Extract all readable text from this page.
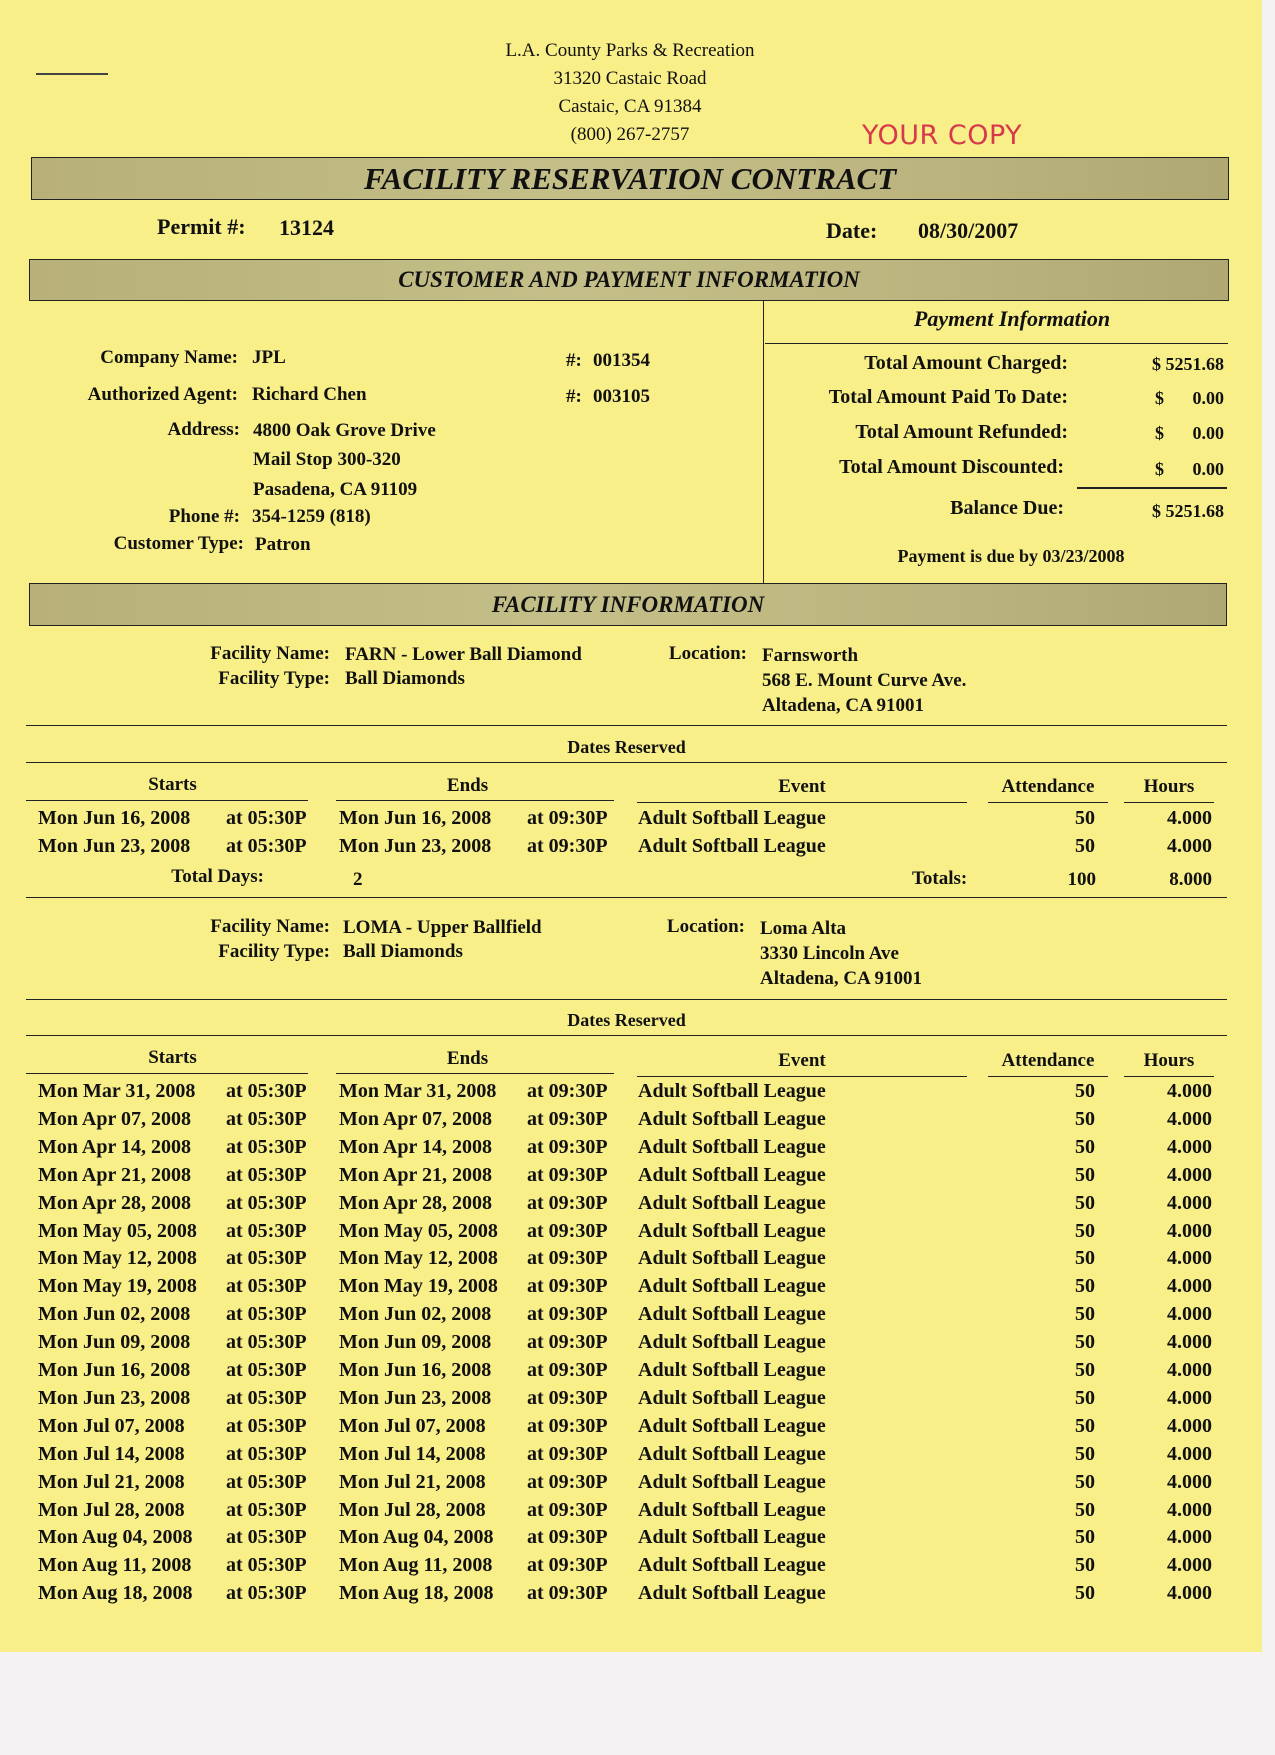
L.A. County Parks & Recreation
31320 Castaic Road
Castaic, CA 91384
(800) 267-2757	YOUR COPY
FACILITY RESERVATION CONTRACT
Permit #: 13124	Date: 08/30/2007
CUSTOMER AND PAYMENT INFORMATION
Company Name: JPL	#: 001354
Authorized Agent: Richard Chen	#: 003105
Address: 4800 Oak Grove Drive
Mail Stop 300-320
Pasadena, CA 91109
Phone #: 354-1259 (818)
Customer Type: Patron
Payment Information
Total Amount Charged:	$ 5251.68
Total Amount Paid To Date:	$	0.00
Total Amount Refunded:	$	0.00
Total Amount Discounted:	$	0.00
Balance Due:	$ 5251.68
Payment is due by 03/23/2008
FACILITY INFORMATION
Facility Name: FARN - Lower Ball Diamond
Facility Type: Ball Diamonds
Location: Farnsworth
568 E. Mount Curve Ave.
Altadena, CA 91001
Dates Reserved
Starts	Ends	Event	Attendance	Hours
Mon Jun 16, 2008 at 05:30P Mon Jun 16, 2008 at 09:30P Adult Softball League	50	4.000
Mon Jun 23, 2008 at 05:30P Mon Jun 23, 2008 at 09:30P Adult Softball League	50	4.000
Total Days:	2	Totals:	100	8.000
Facility Name: LOMA - Upper Ballfield
Facility Type: Ball Diamonds
Location: Loma Alta
3330 Lincoln Ave
Altadena, CA 91001
Dates Reserved
Starts	Ends	Event	Attendance	Hours
Mon Mar 31, 2008 at 05:30P Mon Mar 31, 2008 at 09:30P Adult Softball League	50	4.000
Mon Apr 07, 2008 at 05:30P Mon Apr 07, 2008 at 09:30P Adult Softball League	50	4.000
Mon Apr 14, 2008 at 05:30P Mon Apr 14, 2008 at 09:30P Adult Softball League	50	4.000
Mon Apr 21, 2008 at 05:30P Mon Apr 21, 2008 at 09:30P Adult Softball League	50	4.000
Mon Apr 28, 2008 at 05:30P Mon Apr 28, 2008 at 09:30P Adult Softball League	50	4.000
Mon May 05, 2008 at 05:30P Mon May 05, 2008 at 09:30P Adult Softball League	50	4.000
Mon May 12, 2008 at 05:30P Mon May 12, 2008 at 09:30P Adult Softball League	50	4.000
Mon May 19, 2008 at 05:30P Mon May 19, 2008 at 09:30P Adult Softball League	50	4.000
Mon Jun 02, 2008 at 05:30P Mon Jun 02, 2008 at 09:30P Adult Softball League	50	4.000
Mon Jun 09, 2008 at 05:30P Mon Jun 09, 2008 at 09:30P Adult Softball League	50	4.000
Mon Jun 16, 2008 at 05:30P Mon Jun 16, 2008 at 09:30P Adult Softball League	50	4.000
Mon Jun 23, 2008 at 05:30P Mon Jun 23, 2008 at 09:30P Adult Softball League	50	4.000
Mon Jul 07, 2008 at 05:30P Mon Jul 07, 2008 at 09:30P Adult Softball League	50	4.000
Mon Jul 14, 2008 at 05:30P Mon Jul 14, 2008 at 09:30P Adult Softball League	50	4.000
Mon Jul 21, 2008 at 05:30P Mon Jul 21, 2008 at 09:30P Adult Softball League	50	4.000
Mon Jul 28, 2008 at 05:30P Mon Jul 28, 2008 at 09:30P Adult Softball League	50	4.000
Mon Aug 04, 2008 at 05:30P Mon Aug 04, 2008 at 09:30P Adult Softball League	50	4.000
Mon Aug 11, 2008 at 05:30P Mon Aug 11, 2008 at 09:30P Adult Softball League	50	4.000
Mon Aug 18, 2008 at 05:30P Mon Aug 18, 2008 at 09:30P Adult Softball League	50	4.000
